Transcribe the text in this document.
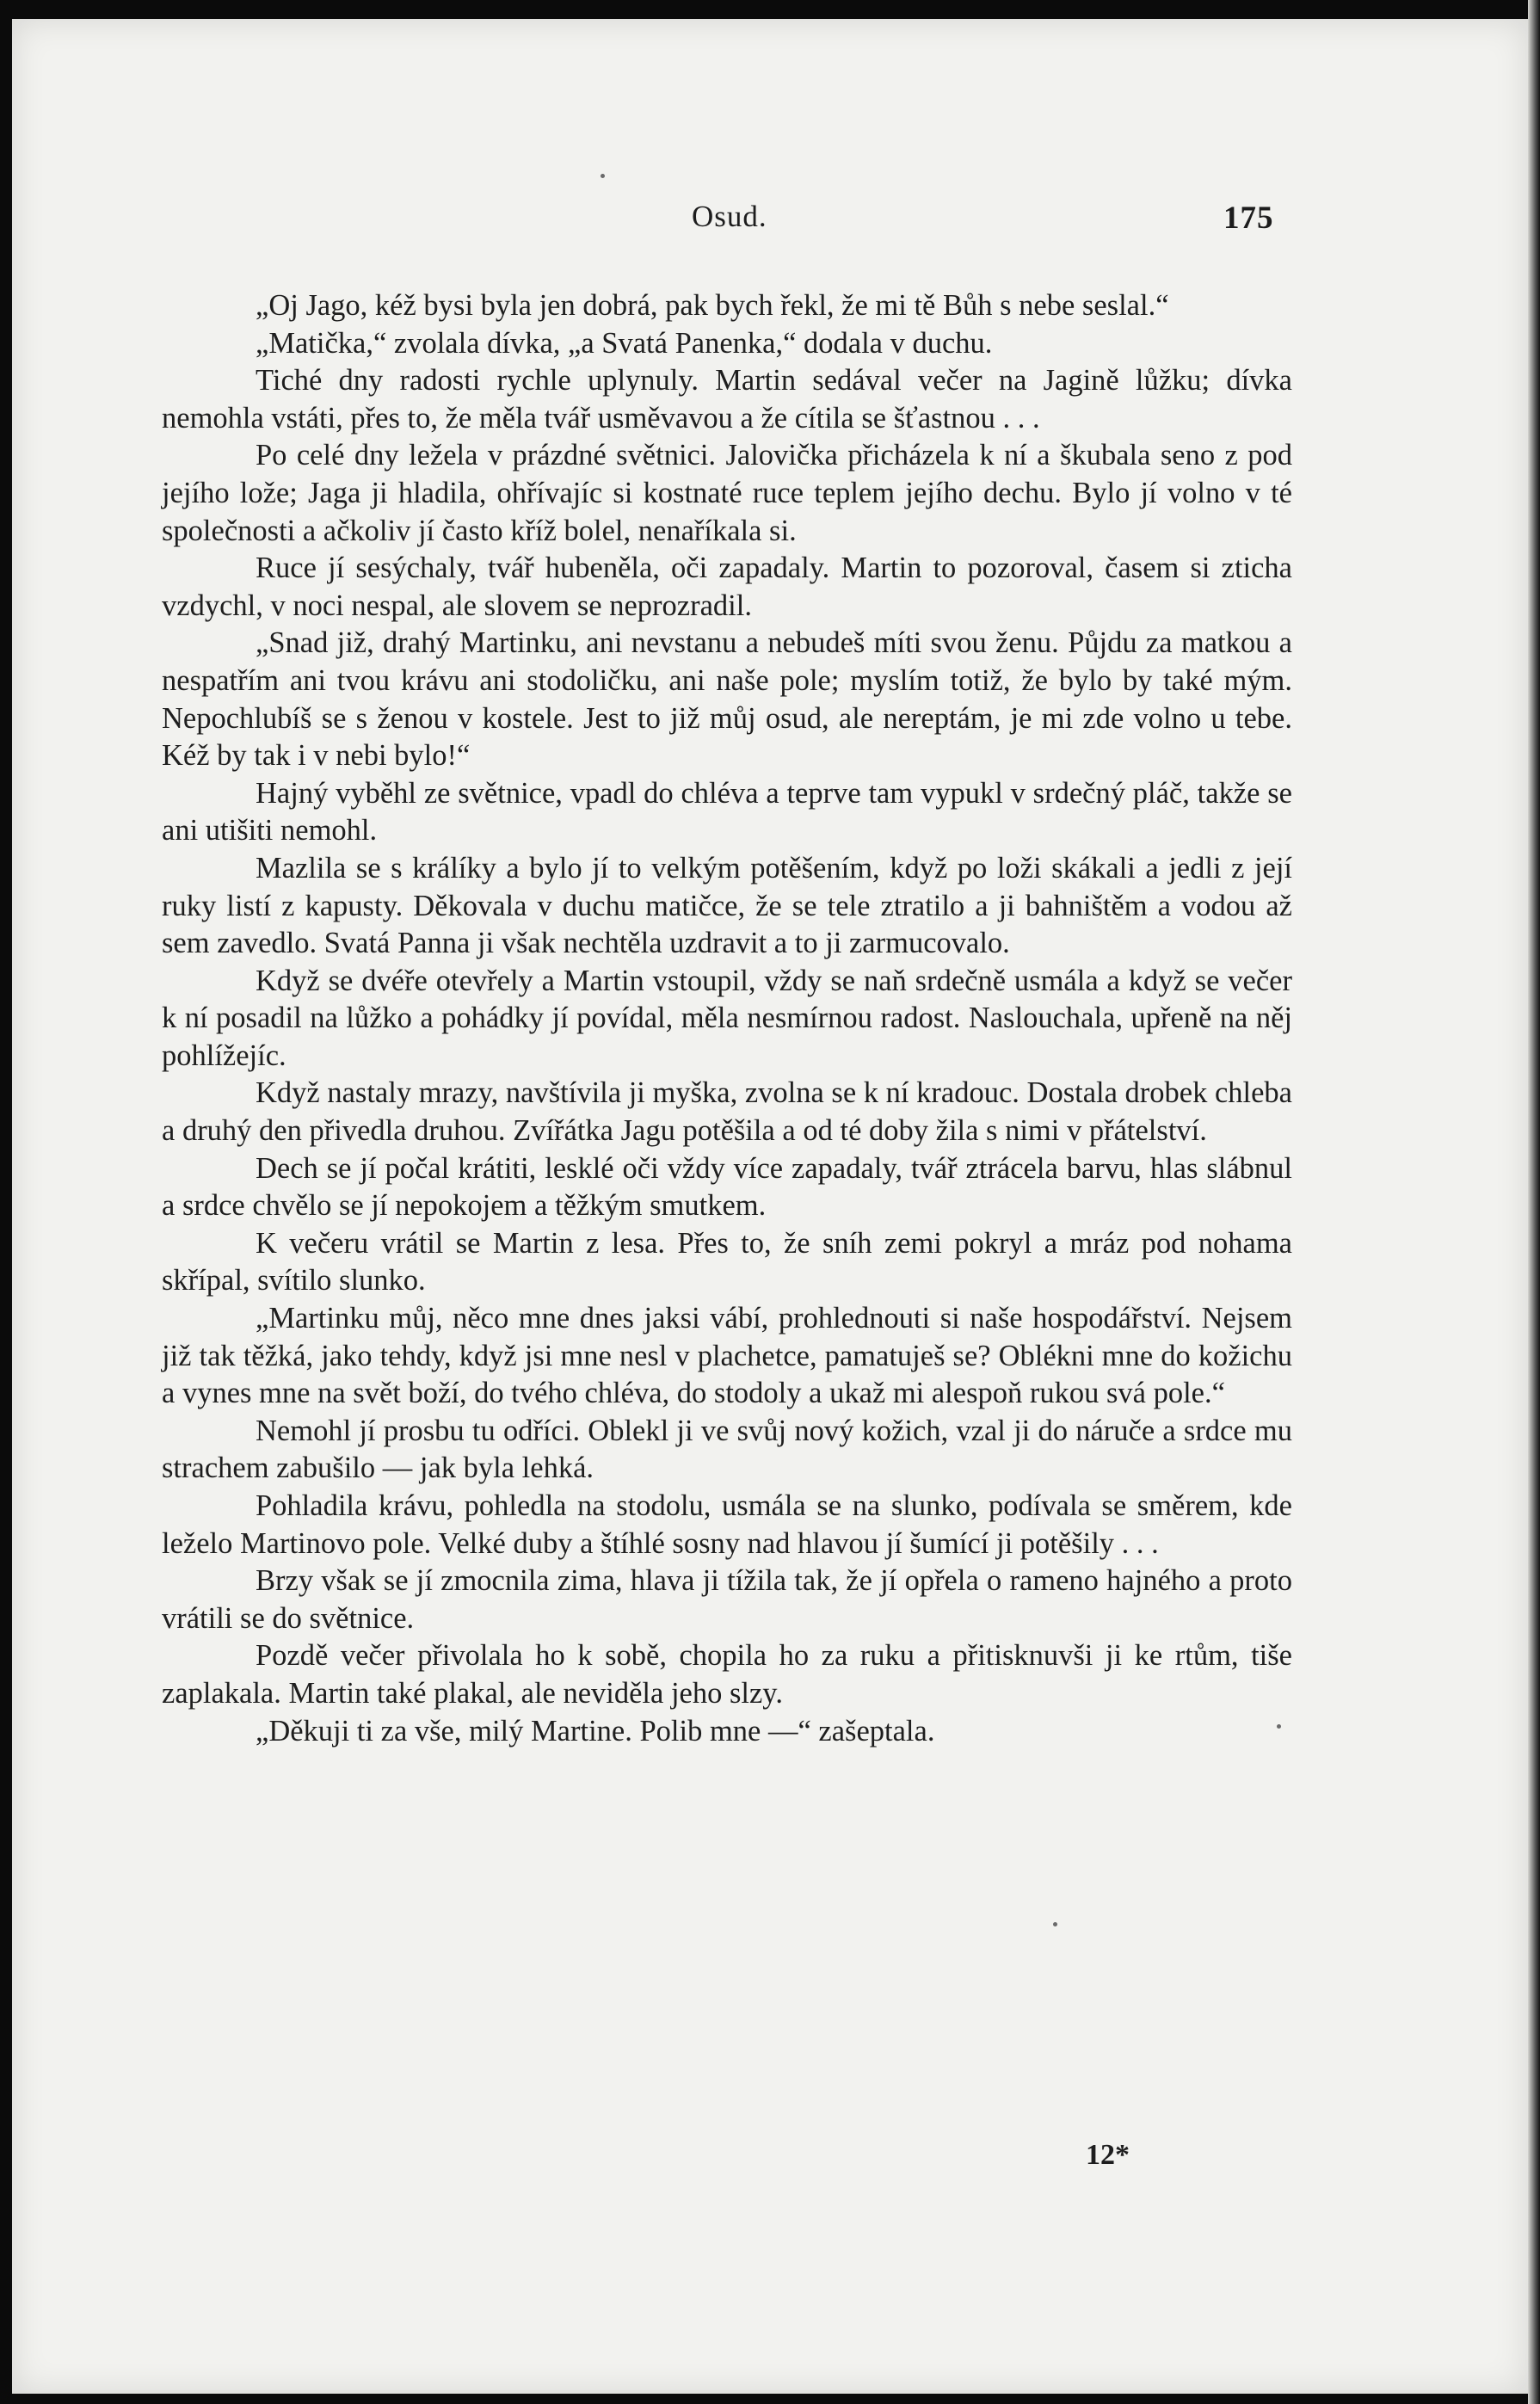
Osud.	175

„Oj Jago, kéž bysi byla jen dobrá, pak bych řekl, že mi tě Bůh s nebe seslal.“

„Matička,“ zvolala dívka, „a Svatá Panenka,“ dodala v duchu.

Tiché dny radosti rychle uplynuly. Martin sedával večer na Jagině lůžku; dívka nemohla vstáti, přes to, že měla tvář usměvavou a že cítila se šťastnou . . .

Po celé dny ležela v prázdné světnici. Jalovička přicházela k ní a škubala seno z pod jejího lože; Jaga ji hladila, ohřívajíc si kostnaté ruce teplem jejího dechu. Bylo jí volno v té společnosti a ačkoliv jí často kříž bolel, nenaříkala si.

Ruce jí sesýchaly, tvář hubeněla, oči zapadaly. Martin to pozoroval, časem si zticha vzdychl, v noci nespal, ale slovem se neprozradil.

„Snad již, drahý Martinku, ani nevstanu a nebudeš míti svou ženu. Půjdu za matkou a nespatřím ani tvou krávu ani stodoličku, ani naše pole; myslím totiž, že bylo by také mým. Nepochlubíš se s ženou v kostele. Jest to již můj osud, ale nereptám, je mi zde volno u tebe. Kéž by tak i v nebi bylo!“

Hajný vyběhl ze světnice, vpadl do chléva a teprve tam vypukl v srdečný pláč, takže se ani utišiti nemohl.

Mazlila se s králíky a bylo jí to velkým potěšením, když po loži skákali a jedli z její ruky listí z kapusty. Děkovala v duchu matičce, že se tele ztratilo a ji bahništěm a vodou až sem zavedlo. Svatá Panna ji však nechtěla uzdravit a to ji zarmucovalo.

Když se dvéře otevřely a Martin vstoupil, vždy se naň srdečně usmála a když se večer k ní posadil na lůžko a pohádky jí povídal, měla nesmírnou radost. Naslouchala, upřeně na něj pohlížejíc.

Když nastaly mrazy, navštívila ji myška, zvolna se k ní kradouc. Dostala drobek chleba a druhý den přivedla druhou. Zvířátka Jagu potěšila a od té doby žila s nimi v přátelství.

Dech se jí počal krátiti, lesklé oči vždy více zapadaly, tvář ztrácela barvu, hlas slábnul a srdce chvělo se jí nepokojem a těžkým smutkem.

K večeru vrátil se Martin z lesa. Přes to, že sníh zemi pokryl a mráz pod nohama skřípal, svítilo slunko.

„Martinku můj, něco mne dnes jaksi vábí, prohlednouti si naše hospodářství. Nejsem již tak těžká, jako tehdy, když jsi mne nesl v plachetce, pamatuješ se? Oblékni mne do kožichu a vynes mne na svět boží, do tvého chléva, do stodoly a ukaž mi alespoň rukou svá pole.“

Nemohl jí prosbu tu odříci. Oblekl ji ve svůj nový kožich, vzal ji do náruče a srdce mu strachem zabušilo — jak byla lehká.

Pohladila krávu, pohledla na stodolu, usmála se na slunko, podívala se směrem, kde leželo Martinovo pole. Velké duby a štíhlé sosny nad hlavou jí šumící ji potěšily . . .

Brzy však se jí zmocnila zima, hlava ji tížila tak, že jí opřela o rameno hajného a proto vrátili se do světnice.

Pozdě večer přivolala ho k sobě, chopila ho za ruku a přitisknuvši ji ke rtům, tiše zaplakala. Martin také plakal, ale neviděla jeho slzy.

„Děkuji ti za vše, milý Martine. Polib mne —“ zašeptala.

12*
